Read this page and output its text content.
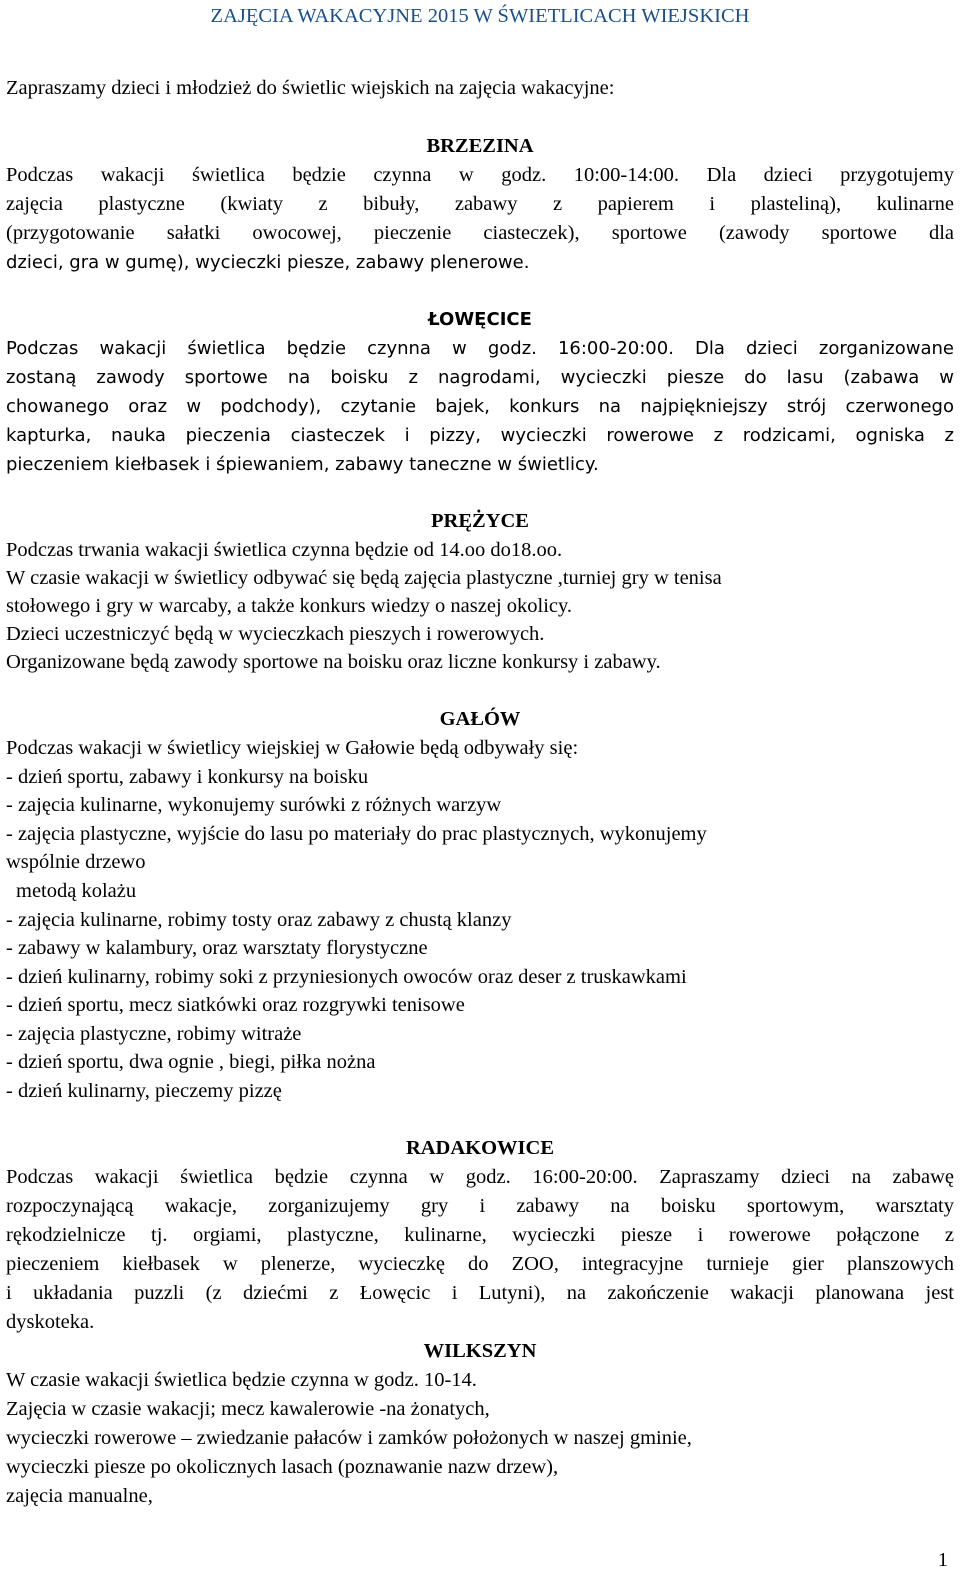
ZAJĘCIA WAKACYJNE 2015 W ŚWIETLICACH WIEJSKICH
Zapraszamy dzieci i młodzież do świetlic wiejskich na zajęcia wakacyjne:
BRZEZINA
Podczas wakacji świetlica będzie czynna w godz. 10:00-14:00. Dla dzieci przygotujemy
zajęcia plastyczne (kwiaty z bibuły, zabawy z papierem i plasteliną), kulinarne
(przygotowanie sałatki owocowej, pieczenie ciasteczek), sportowe (zawody sportowe dla
dzieci, gra w gumę), wycieczki piesze, zabawy plenerowe.
ŁOWĘCICE
Podczas wakacji świetlica będzie czynna w godz. 16:00-20:00. Dla dzieci zorganizowane
zostaną zawody sportowe na boisku z nagrodami, wycieczki piesze do lasu (zabawa w
chowanego oraz w podchody), czytanie bajek, konkurs na najpiękniejszy strój czerwonego
kapturka, nauka pieczenia ciasteczek i pizzy, wycieczki rowerowe z rodzicami, ogniska z
pieczeniem kiełbasek i śpiewaniem, zabawy taneczne w świetlicy.
PRĘŻYCE
Podczas trwania wakacji świetlica czynna będzie od 14.oo do18.oo.
W czasie wakacji w świetlicy odbywać się będą zajęcia plastyczne ,turniej gry w tenisa
stołowego i gry w warcaby, a także konkurs wiedzy o naszej okolicy.
Dzieci uczestniczyć będą w wycieczkach pieszych i rowerowych.
Organizowane będą zawody sportowe na boisku oraz liczne konkursy i zabawy.
GAŁÓW
Podczas wakacji w świetlicy wiejskiej w Gałowie będą odbywały się:
- dzień sportu, zabawy i konkursy na boisku
- zajęcia kulinarne, wykonujemy surówki z różnych warzyw
- zajęcia plastyczne, wyjście do lasu po materiały do prac plastycznych, wykonujemy
wspólnie drzewo
metodą kolażu
- zajęcia kulinarne, robimy tosty oraz zabawy z chustą klanzy
- zabawy w kalambury, oraz warsztaty florystyczne
- dzień kulinarny, robimy soki z przyniesionych owoców oraz deser z truskawkami
- dzień sportu, mecz siatkówki oraz rozgrywki tenisowe
- zajęcia plastyczne, robimy witraże
- dzień sportu, dwa ognie , biegi, piłka nożna
- dzień kulinarny, pieczemy pizzę
RADAKOWICE
Podczas wakacji świetlica będzie czynna w godz. 16:00-20:00. Zapraszamy dzieci na zabawę
rozpoczynającą wakacje, zorganizujemy gry i zabawy na boisku sportowym, warsztaty
rękodzielnicze tj. orgiami, plastyczne, kulinarne, wycieczki piesze i rowerowe połączone z
pieczeniem kiełbasek w plenerze, wycieczkę do ZOO, integracyjne turnieje gier planszowych
i układania puzzli (z dziećmi z Łowęcic i Lutyni), na zakończenie wakacji planowana jest
dyskoteka.
WILKSZYN
W czasie wakacji świetlica będzie czynna w godz. 10-14.
Zajęcia w czasie wakacji; mecz kawalerowie -na żonatych,
wycieczki rowerowe – zwiedzanie pałaców i zamków położonych w naszej gminie,
wycieczki piesze po okolicznych lasach (poznawanie nazw drzew),
zajęcia manualne,
1
